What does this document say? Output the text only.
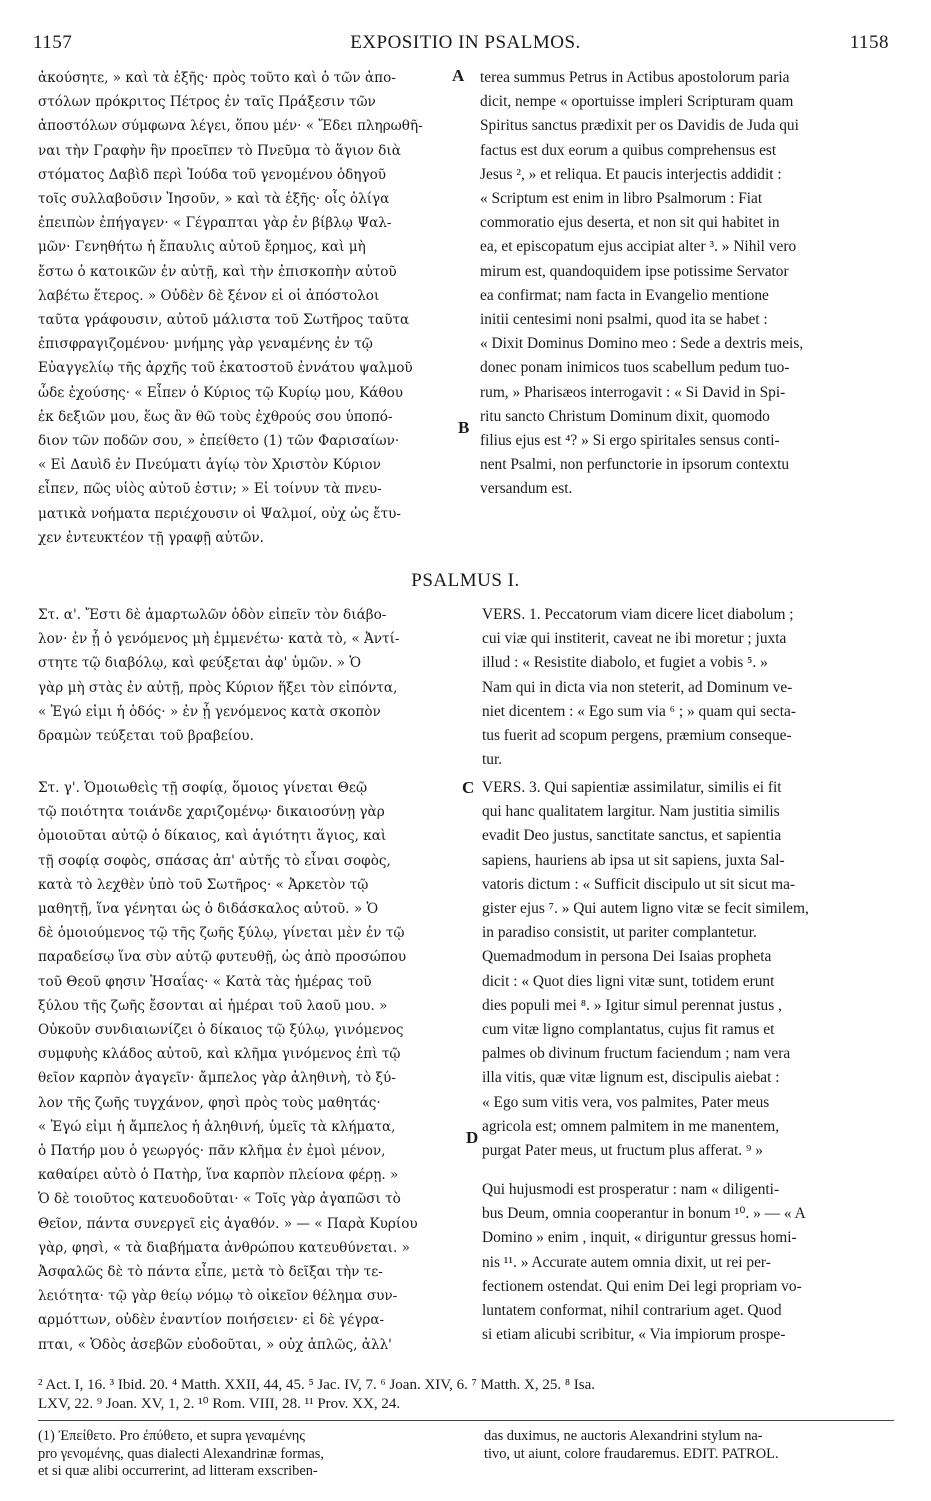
1157	EXPOSITIO IN PSALMOS.	1158
A
B
C
D
ἀκούσητε, » καὶ τὰ ἑξῆς· πρὸς τοῦτο καὶ ὁ τῶν ἀπο-
στόλων πρόκριτος Πέτρος ἐν ταῖς Πράξεσιν τῶν
ἀποστόλων σύμφωνα λέγει, ὅπου μέν· « Ἔδει πληρωθῆ-
ναι τὴν Γραφὴν ἣν προεῖπεν τὸ Πνεῦμα τὸ ἅγιον διὰ
στόματος Δαβὶδ περὶ Ἰούδα τοῦ γενομένου ὁδηγοῦ
τοῖς συλλαβοῦσιν Ἰησοῦν, » καὶ τὰ ἑξῆς· οἷς ὀλίγα
ἐπειπὼν ἐπήγαγεν· « Γέγραπται γὰρ ἐν βίβλῳ Ψαλ-
μῶν· Γενηθήτω ἡ ἔπαυλις αὐτοῦ ἔρημος, καὶ μὴ
ἔστω ὁ κατοικῶν ἐν αὐτῇ, καὶ τὴν ἐπισκοπὴν αὐτοῦ
λαβέτω ἕτερος. » Οὐδὲν δὲ ξένον εἰ οἱ ἀπόστολοι
ταῦτα γράφουσιν, αὐτοῦ μάλιστα τοῦ Σωτῆρος ταῦτα
ἐπισφραγιζομένου· μνήμης γὰρ γεναμένης ἐν τῷ
Εὐαγγελίῳ τῆς ἀρχῆς τοῦ ἑκατοστοῦ ἐννάτου ψαλμοῦ
ὧδε ἐχούσης· « Εἶπεν ὁ Κύριος τῷ Κυρίῳ μου, Κάθου
ἐκ δεξιῶν μου, ἕως ἂν θῶ τοὺς ἐχθρούς σου ὑποπό-
διον τῶν ποδῶν σου, » ἐπείθετο (1) τῶν Φαρισαίων·
« Εἰ Δαυὶδ ἐν Πνεύματι ἁγίῳ τὸν Χριστὸν Κύριον
εἶπεν, πῶς υἱὸς αὐτοῦ ἐστιν; » Εἰ τοίνυν τὰ πνευ-
ματικὰ νοήματα περιέχουσιν οἱ Ψαλμοί, οὐχ ὡς ἔτυ-
χεν ἐντευκτέον τῇ γραφῇ αὐτῶν.
terea summus Petrus in Actibus apostolorum paria
dicit, nempe « oportuisse impleri Scripturam quam
Spiritus sanctus prædixit per os Davidis de Juda qui
factus est dux eorum a quibus comprehensus est
Jesus ², » et reliqua. Et paucis interjectis addidit :
« Scriptum est enim in libro Psalmorum : Fiat
commoratio ejus deserta, et non sit qui habitet in
ea, et episcopatum ejus accipiat alter ³. » Nihil vero
mirum est, quandoquidem ipse potissime Servator
ea confirmat; nam facta in Evangelio mentione
initii centesimi noni psalmi, quod ita se habet :
« Dixit Dominus Domino meo : Sede a dextris meis,
donec ponam inimicos tuos scabellum pedum tuo-
rum, » Pharisæos interrogavit : « Si David in Spi-
ritu sancto Christum Dominum dixit, quomodo
filius ejus est ⁴? » Si ergo spiritales sensus conti-
nent Psalmi, non perfunctorie in ipsorum contextu
versandum est.
PSALMUS I.
Στ. α'. Ἔστι δὲ ἁμαρτωλῶν ὁδὸν εἰπεῖν τὸν διάβο-
λον· ἐν ᾗ ὁ γενόμενος μὴ ἐμμενέτω· κατὰ τὸ, « Ἀντί-
στητε τῷ διαβόλῳ, καὶ φεύξεται ἀφ' ὑμῶν. » Ὁ
γὰρ μὴ στὰς ἐν αὐτῇ, πρὸς Κύριον ἥξει τὸν εἰπόντα,
« Ἐγώ εἰμι ἡ ὁδός· » ἐν ᾗ γενόμενος κατὰ σκοπὸν
δραμὼν τεύξεται τοῦ βραβείου.
VERS. 1. Peccatorum viam dicere licet diabolum ;
cui viæ qui institerit, caveat ne ibi moretur ; juxta
illud : « Resistite diabolo, et fugiet a vobis ⁵. »
Nam qui in dicta via non steterit, ad Dominum ve-
niet dicentem : « Ego sum via ⁶ ; » quam qui secta-
tus fuerit ad scopum pergens, præmium conseque-
tur.
Στ. γ'. Ὁμοιωθεὶς τῇ σοφίᾳ, ὅμοιος γίνεται Θεῷ
τῷ ποιότητα τοιάνδε χαριζομένῳ· δικαιοσύνῃ γὰρ
ὁμοιοῦται αὐτῷ ὁ δίκαιος, καὶ ἁγιότητι ἅγιος, καὶ
τῇ σοφίᾳ σοφὸς, σπάσας ἀπ' αὐτῆς τὸ εἶναι σοφὸς,
κατὰ τὸ λεχθὲν ὑπὸ τοῦ Σωτῆρος· « Ἀρκετὸν τῷ
μαθητῇ, ἵνα γένηται ὡς ὁ διδάσκαλος αὐτοῦ. » Ὁ
δὲ ὁμοιούμενος τῷ τῆς ζωῆς ξύλῳ, γίνεται μὲν ἐν τῷ
παραδείσῳ ἵνα σὺν αὐτῷ φυτευθῇ, ὡς ἀπὸ προσώπου
τοῦ Θεοῦ φησιν Ἡσαΐας· « Κατὰ τὰς ἡμέρας τοῦ
ξύλου τῆς ζωῆς ἔσονται αἱ ἡμέραι τοῦ λαοῦ μου. »
Οὐκοῦν συνδιαιωνίζει ὁ δίκαιος τῷ ξύλῳ, γινόμενος
συμφυὴς κλάδος αὐτοῦ, καὶ κλῆμα γινόμενος ἐπὶ τῷ
θεῖον καρπὸν ἀγαγεῖν· ἄμπελος γὰρ ἀληθινὴ, τὸ ξύ-
λον τῆς ζωῆς τυγχάνον, φησὶ πρὸς τοὺς μαθητάς·
« Ἐγώ εἰμι ἡ ἄμπελος ἡ ἀληθινή, ὑμεῖς τὰ κλήματα,
ὁ Πατήρ μου ὁ γεωργός· πᾶν κλῆμα ἐν ἐμοὶ μένον,
καθαίρει αὐτὸ ὁ Πατὴρ, ἵνα καρπὸν πλείονα φέρῃ. »
Ὁ δὲ τοιοῦτος κατευοδοῦται· « Τοῖς γὰρ ἀγαπῶσι τὸ
Θεῖον, πάντα συνεργεῖ εἰς ἀγαθόν. » — « Παρὰ Κυρίου
γὰρ, φησὶ, « τὰ διαβήματα ἀνθρώπου κατευθύνεται. »
Ἀσφαλῶς δὲ τὸ πάντα εἶπε, μετὰ τὸ δεῖξαι τὴν τε-
λειότητα· τῷ γὰρ θείῳ νόμῳ τὸ οἰκεῖον θέλημα συν-
αρμόττων, οὐδὲν ἐναντίον ποιήσειεν· εἰ δὲ γέγρα-
πται, « Ὁδὸς ἀσεβῶν εὐοδοῦται, » οὐχ ἁπλῶς, ἀλλ'
VERS. 3. Qui sapientiæ assimilatur, similis ei fit
qui hanc qualitatem largitur. Nam justitia similis
evadit Deo justus, sanctitate sanctus, et sapientia
sapiens, hauriens ab ipsa ut sit sapiens, juxta Sal-
vatoris dictum : « Sufficit discipulo ut sit sicut ma-
gister ejus ⁷. » Qui autem ligno vitæ se fecit similem,
in paradiso consistit, ut pariter complantetur.
Quemadmodum in persona Dei Isaias propheta
dicit : « Quot dies ligni vitæ sunt, totidem erunt
dies populi mei ⁸. » Igitur simul perennat justus ,
cum vitæ ligno complantatus, cujus fit ramus et
palmes ob divinum fructum faciendum ; nam vera
illa vitis, quæ vitæ lignum est, discipulis aiebat :
« Ego sum vitis vera, vos palmites, Pater meus
agricola est; omnem palmitem in me manentem,
purgat Pater meus, ut fructum plus afferat. ⁹ »
Qui hujusmodi est prosperatur : nam « diligenti-
bus Deum, omnia cooperantur in bonum ¹⁰. » — « A
Domino » enim , inquit, « diriguntur gressus homi-
nis ¹¹. » Accurate autem omnia dixit, ut rei per-
fectionem ostendat. Qui enim Dei legi propriam vo-
luntatem conformat, nihil contrarium aget. Quod
si etiam alicubi scribitur, « Via impiorum prospe-
² Act. I, 16. ³ Ibid. 20. ⁴ Matth. XXII, 44, 45. ⁵ Jac. IV, 7. ⁶ Joan. XIV, 6. ⁷ Matth. X, 25. ⁸ Isa.
LXV, 22. ⁹ Joan. XV, 1, 2. ¹⁰ Rom. VIII, 28. ¹¹ Prov. XX, 24.
(1) Ἐπείθετο. Pro ἐπύθετο, et supra γεναμένης
pro γενομένης, quas dialecti Alexandrinæ formas,
et si quæ alibi occurrerint, ad litteram exscriben-
das duximus, ne auctoris Alexandrini stylum na-
tivo, ut aiunt, colore fraudaremus. EDIT. PATROL.
